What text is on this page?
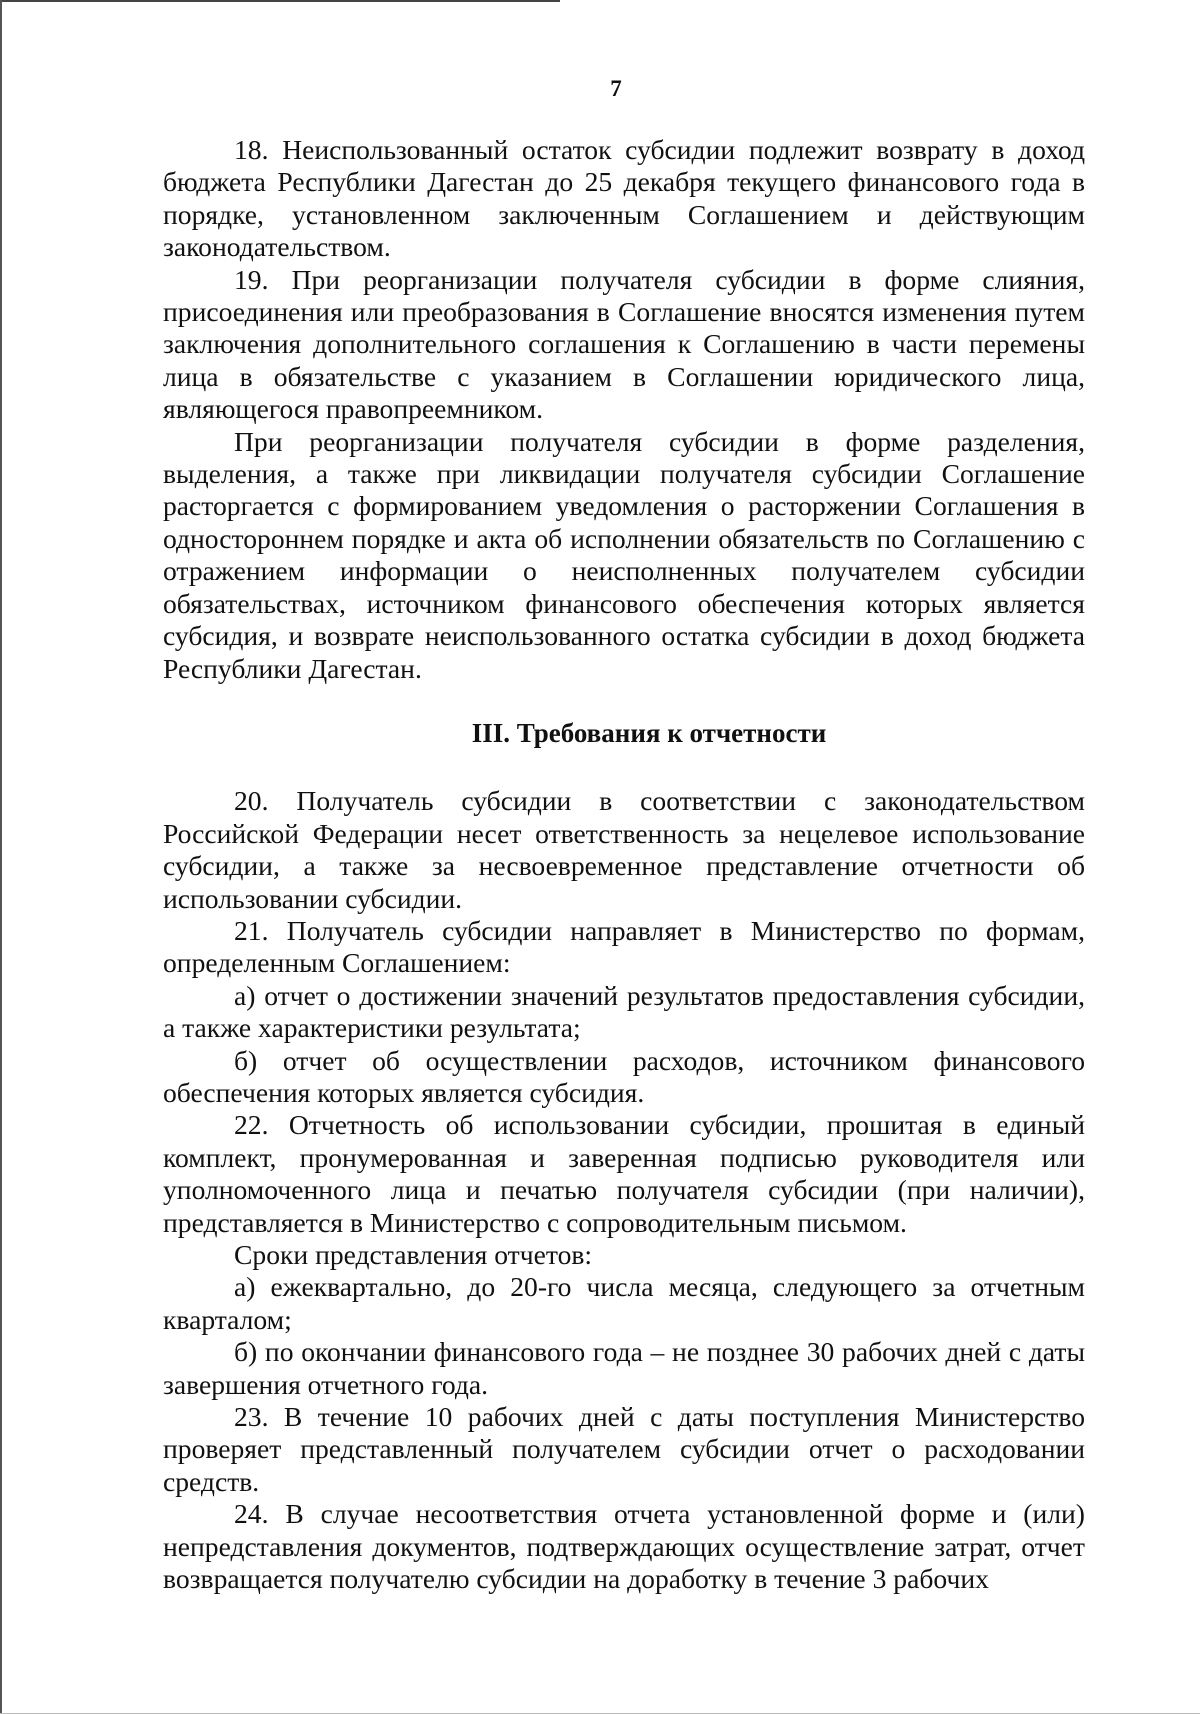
7

18. Неиспользованный остаток субсидии подлежит возврату в доход бюджета Республики Дагестан до 25 декабря текущего финансового года в порядке, установленном заключенным Соглашением и действующим законодательством.

19. При реорганизации получателя субсидии в форме слияния, присоединения или преобразования в Соглашение вносятся изменения путем заключения дополнительного соглашения к Соглашению в части перемены лица в обязательстве с указанием в Соглашении юридического лица, являющегося правопреемником.

При реорганизации получателя субсидии в форме разделения, выделения, а также при ликвидации получателя субсидии Соглашение расторгается с формированием уведомления о расторжении Соглашения в одностороннем порядке и акта об исполнении обязательств по Соглашению с отражением информации о неисполненных получателем субсидии обязательствах, источником финансового обеспечения которых является субсидия, и возврате неиспользованного остатка субсидии в доход бюджета Республики Дагестан.

III. Требования к отчетности

20. Получатель субсидии в соответствии с законодательством Российской Федерации несет ответственность за нецелевое использование субсидии, а также за несвоевременное представление отчетности об использовании субсидии.

21. Получатель субсидии направляет в Министерство по формам, определенным Соглашением:

а) отчет о достижении значений результатов предоставления субсидии, а также характеристики результата;

б) отчет об осуществлении расходов, источником финансового обеспечения которых является субсидия.

22. Отчетность об использовании субсидии, прошитая в единый комплект, пронумерованная и заверенная подписью руководителя или уполномоченного лица и печатью получателя субсидии (при наличии), представляется в Министерство с сопроводительным письмом.

Сроки представления отчетов:

а) ежеквартально, до 20-го числа месяца, следующего за отчетным кварталом;

б) по окончании финансового года – не позднее 30 рабочих дней с даты завершения отчетного года.

23. В течение 10 рабочих дней с даты поступления Министерство проверяет представленный получателем субсидии отчет о расходовании средств.

24. В случае несоответствия отчета установленной форме и (или) непредставления документов, подтверждающих осуществление затрат, отчет возвращается получателю субсидии на доработку в течение 3 рабочих
